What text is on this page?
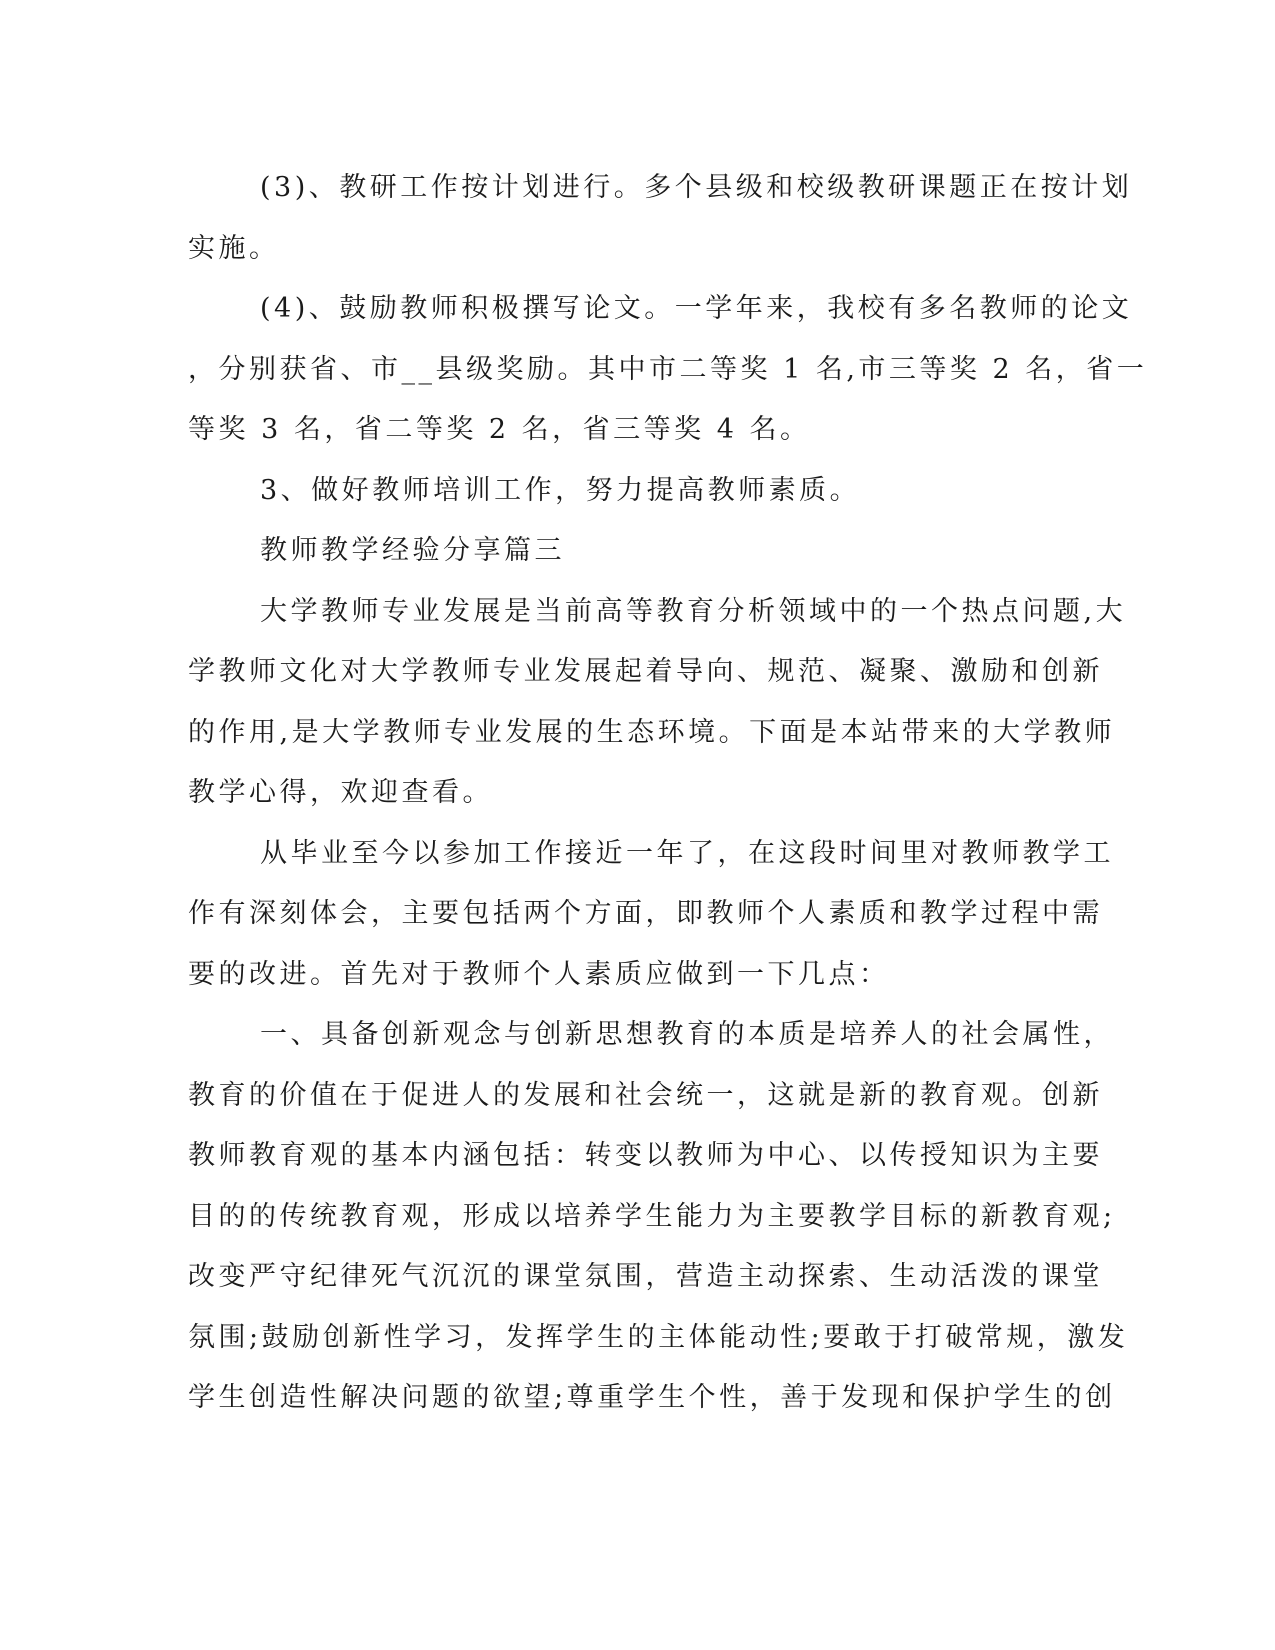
(3)、教研工作按计划进行。多个县级和校级教研课题正在按计划
实施。
(4)、鼓励教师积极撰写论文。一学年来，我校有多名教师的论文
，分别获省、市__县级奖励。其中市二等奖 1 名,市三等奖 2 名，省一
等奖 3 名，省二等奖 2 名，省三等奖 4 名。
3、做好教师培训工作，努力提高教师素质。
教师教学经验分享篇三
大学教师专业发展是当前高等教育分析领域中的一个热点问题,大
学教师文化对大学教师专业发展起着导向、规范、凝聚、激励和创新
的作用,是大学教师专业发展的生态环境。下面是本站带来的大学教师
教学心得，欢迎查看。
从毕业至今以参加工作接近一年了，在这段时间里对教师教学工
作有深刻体会，主要包括两个方面，即教师个人素质和教学过程中需
要的改进。首先对于教师个人素质应做到一下几点：
一、具备创新观念与创新思想教育的本质是培养人的社会属性，
教育的价值在于促进人的发展和社会统一，这就是新的教育观。创新
教师教育观的基本内涵包括：转变以教师为中心、以传授知识为主要
目的的传统教育观，形成以培养学生能力为主要教学目标的新教育观;
改变严守纪律死气沉沉的课堂氛围，营造主动探索、生动活泼的课堂
氛围;鼓励创新性学习，发挥学生的主体能动性;要敢于打破常规，激发
学生创造性解决问题的欲望;尊重学生个性，善于发现和保护学生的创
